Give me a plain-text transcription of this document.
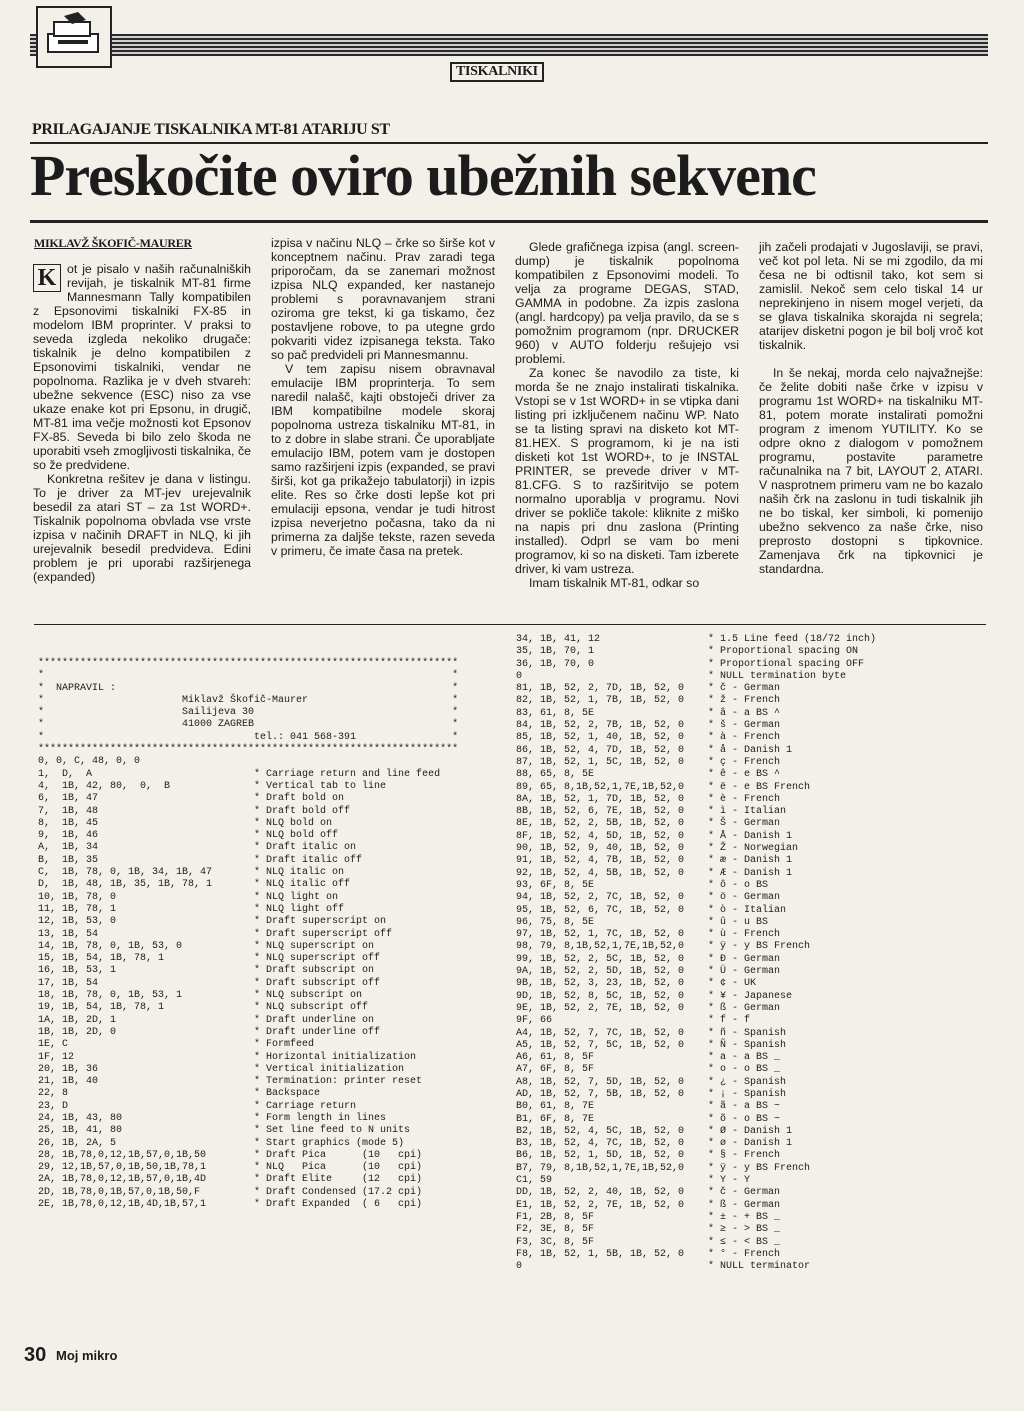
TISKALNIKI
PRILAGAJANJE TISKALNIKA MT-81 ATARIJU ST
Preskočite oviro ubežnih sekvenc
MIKLAVŽ ŠKOFIČ-MAURER

K ot je pisalo v naših računalniških revijah, je tiskalnik MT-81 firme Mannesmann Tally kompatibilen z Epsonovimi tiskalniki FX-85 in modelom IBM proprinter. V praksi to seveda izgleda nekoliko drugače: tiskalnik je delno kompatibilen z Epsonovimi tiskalniki, vendar ne popolnoma. Razlika je v dveh stvareh: ubežne sekvence (ESC) niso za vse ukaze enake kot pri Epsonu, in drugič, MT-81 ima večje možnosti kot Epsonov FX-85. Seveda bi bilo zelo škoda ne uporabiti vseh zmogljivosti tiskalnika, če so že predvidene.

Konkretna rešitev je dana v listingu. To je driver za MT-jev urejevalnik besedil za atari ST – za 1st WORD+. Tiskalnik popolnoma obvlada vse vrste izpisa v načinih DRAFT in NLQ, ki jih urejevalnik besedil predvideva. Edini problem je pri uporabi razširjenega (expanded)

izpisa v načinu NLQ – črke so širše kot v konceptnem načinu. Prav zaradi tega priporočam, da se zanemari možnost izpisa NLQ expanded, ker nastanejo problemi s poravnavanjem strani oziroma gre tekst, ki ga tiskamo, čez postavljene robove, to pa utegne grdo pokvariti videz izpisanega teksta. Tako so pač predvideli pri Mannesmannu.

V tem zapisu nisem obravnaval emulacije IBM proprinterja. To sem naredil nalašč, kajti obstoječi driver za IBM kompatibilne modele skoraj popolnoma ustreza tiskalniku MT-81, in to z dobre in slabe strani. Če uporabljate emulacijo IBM, potem vam je dostopen samo razširjeni izpis (expanded, se pravi širši, kot ga prikažejo tabulatorji) in izpis elite. Res so črke dosti lepše kot pri emulaciji epsona, vendar je tudi hitrost izpisa neverjetno počasna, tako da ni primerna za daljše tekste, razen seveda v primeru, če imate časa na pretek.

Glede grafičnega izpisa (angl. screen-dump) je tiskalnik popolnoma kompatibilen z Epsonovimi modeli. To velja za programe DEGAS, STAD, GAMMA in podobne. Za izpis zaslona (angl. hardcopy) pa velja pravilo, da se s pomožnim programom (npr. DRUCKER 960) v AUTO folderju rešujejo vsi problemi.

Za konec še navodilo za tiste, ki morda še ne znajo instalirati tiskalnika. Vstopi se v 1st WORD+ in se vtipka dani listing pri izključenem načinu WP. Nato se ta listing spravi na disketo kot MT- 81.HEX. S programom, ki je na isti disketi kot 1st WORD+, to je INSTAL PRINTER, se prevede driver v MT-81.CFG. S to razširitvijo se potem normalno uporablja v programu. Novi driver se pokliče takole: kliknite z miško na napis pri dnu zaslona (Printing installed). Odprl se vam bo meni programov, ki so na disketi. Tam izberete driver, ki vam ustreza.

Imam tiskalnik MT-81, odkar so

jih začeli prodajati v Jugoslaviji, se pravi, več kot pol leta. Ni se mi zgodilo, da mi česa ne bi odtisnil tako, kot sem si zamislil. Nekoč sem celo tiskal 14 ur neprekinjeno in nisem mogel verjeti, da se glava tiskalnika skorajda ni segrela; atarijev disketni pogon je bil bolj vroč kot tiskalnik.

In še nekaj, morda celo najvažnejše: če želite dobiti naše črke v izpisu v programu 1st WORD+ na tiskalniku MT-81, potem morate instalirati pomožni program z imenom YUTILITY. Ko se odpre okno z dialogom v pomožnem programu, postavite parametre računalnika na 7 bit, LAYOUT 2, ATARI. V nasprotnem primeru vam ne bo kazalo naših črk na zaslonu in tudi tiskalnik jih ne bo tiskal, ker simboli, ki pomenijo ubežno sekvenco za naše črke, niso preprosto dostopni s tipkovnice. Zamenjava črk na tipkovnici je standardna.

**********************************************************************
*                                                                    *
*  NAPRAVIL :                                                        *
*                       Miklavž Škofič-Maurer                        *
*                       Sailijeva 30                                 *
*                       41000 ZAGREB                                 *
*                                   tel.: 041 568-391                *
**********************************************************************
0, 0, C, 48, 0, 0
1,  D,  A                           * Carriage return and line feed
4,  1B, 42, 80,  0,  B              * Vertical tab to line
6,  1B, 47                          * Draft bold on
7,  1B, 48                          * Draft bold off
8,  1B, 45                          * NLQ bold on
9,  1B, 46                          * NLQ bold off
A,  1B, 34                          * Draft italic on
B,  1B, 35                          * Draft italic off
C,  1B, 78, 0, 1B, 34, 1B, 47       * NLQ italic on
D,  1B, 48, 1B, 35, 1B, 78, 1       * NLQ italic off
10, 1B, 78, 0                       * NLQ light on
11, 1B, 78, 1                       * NLQ light off
12, 1B, 53, 0                       * Draft superscript on
13, 1B, 54                          * Draft superscript off
14, 1B, 78, 0, 1B, 53, 0            * NLQ superscript on
15, 1B, 54, 1B, 78, 1               * NLQ superscript off
16, 1B, 53, 1                       * Draft subscript on
17, 1B, 54                          * Draft subscript off
18, 1B, 78, 0, 1B, 53, 1            * NLQ subscript on
19, 1B, 54, 1B, 78, 1               * NLQ subscript off
1A, 1B, 2D, 1                       * Draft underline on
1B, 1B, 2D, 0                       * Draft underline off
1E, C                               * Formfeed
1F, 12                              * Horizontal initialization
20, 1B, 36                          * Vertical initialization
21, 1B, 40                          * Termination: printer reset
22, 8                               * Backspace
23, D                               * Carriage return
24, 1B, 43, 80                      * Form length in lines
25, 1B, 41, 80                      * Set line feed to N units
26, 1B, 2A, 5                       * Start graphics (mode 5)
28, 1B,78,0,12,1B,57,0,1B,50        * Draft Pica      (10   cpi)
29, 12,1B,57,0,1B,50,1B,78,1        * NLQ   Pica      (10   cpi)
2A, 1B,78,0,12,1B,57,0,1B,4D        * Draft Elite     (12   cpi)
2D, 1B,78,0,1B,57,0,1B,50,F         * Draft Condensed (17.2 cpi)
2E, 1B,78,0,12,1B,4D,1B,57,1        * Draft Expanded  ( 6   cpi)
34, 1B, 41, 12                  * 1.5 Line feed (18/72 inch)
35, 1B, 70, 1                   * Proportional spacing ON
36, 1B, 70, 0                   * Proportional spacing OFF
0                               * NULL termination byte
81, 1B, 52, 2, 7D, 1B, 52, 0    * č - German
82, 1B, 52, 1, 7B, 1B, 52, 0    * ž - French
83, 61, 8, 5E                   * â - a BS ^
84, 1B, 52, 2, 7B, 1B, 52, 0    * š - German
85, 1B, 52, 1, 40, 1B, 52, 0    * à - French
86, 1B, 52, 4, 7D, 1B, 52, 0    * å - Danish 1
87, 1B, 52, 1, 5C, 1B, 52, 0    * ç - French
88, 65, 8, 5E                   * ê - e BS ^
89, 65, 8,1B,52,1,7E,1B,52,0    * ë - e BS French
8A, 1B, 52, 1, 7D, 1B, 52, 0    * è - French
8B, 1B, 52, 6, 7E, 1B, 52, 0    * ì - Italian
8E, 1B, 52, 2, 5B, 1B, 52, 0    * Š - German
8F, 1B, 52, 4, 5D, 1B, 52, 0    * Å - Danish 1
90, 1B, 52, 9, 40, 1B, 52, 0    * Ž - Norwegian
91, 1B, 52, 4, 7B, 1B, 52, 0    * æ - Danish 1
92, 1B, 52, 4, 5B, 1B, 52, 0    * Æ - Danish 1
93, 6F, 8, 5E                   * ô - o BS
94, 1B, 52, 2, 7C, 1B, 52, 0    * ö - German
95, 1B, 52, 6, 7C, 1B, 52, 0    * ò - Italian
96, 75, 8, 5E                   * û - u BS
97, 1B, 52, 1, 7C, 1B, 52, 0    * ù - French
98, 79, 8,1B,52,1,7E,1B,52,0    * ÿ - y BS French
99, 1B, 52, 2, 5C, 1B, 52, 0    * Đ - German
9A, 1B, 52, 2, 5D, 1B, 52, 0    * Ü - German
9B, 1B, 52, 3, 23, 1B, 52, 0    * ¢ - UK
9D, 1B, 52, 8, 5C, 1B, 52, 0    * ¥ - Japanese
9E, 1B, 52, 2, 7E, 1B, 52, 0    * ß - German
9F, 66                          * f - f
A4, 1B, 52, 7, 7C, 1B, 52, 0    * ñ - Spanish
A5, 1B, 52, 7, 5C, 1B, 52, 0    * Ñ - Spanish
A6, 61, 8, 5F                   * a - a BS _
A7, 6F, 8, 5F                   * o - o BS _
A8, 1B, 52, 7, 5D, 1B, 52, 0    * ¿ - Spanish
AD, 1B, 52, 7, 5B, 1B, 52, 0    * ¡ - Spanish
B0, 61, 8, 7E                   * ã - a BS ~
B1, 6F, 8, 7E                   * õ - o BS ~
B2, 1B, 52, 4, 5C, 1B, 52, 0    * Ø - Danish 1
B3, 1B, 52, 4, 7C, 1B, 52, 0    * ø - Danish 1
B6, 1B, 52, 1, 5D, 1B, 52, 0    * § - French
B7, 79, 8,1B,52,1,7E,1B,52,0    * ÿ - y BS French
C1, 59                          * Y - Y
DD, 1B, 52, 2, 40, 1B, 52, 0    * č - German
E1, 1B, 52, 2, 7E, 1B, 52, 0    * ß - German
F1, 2B, 8, 5F                   * ± - + BS _
F2, 3E, 8, 5F                   * ≥ - > BS _
F3, 3C, 8, 5F                   * ≤ - < BS _
F8, 1B, 52, 1, 5B, 1B, 52, 0    * ° - French
0                               * NULL terminator
30 Moj mikro
